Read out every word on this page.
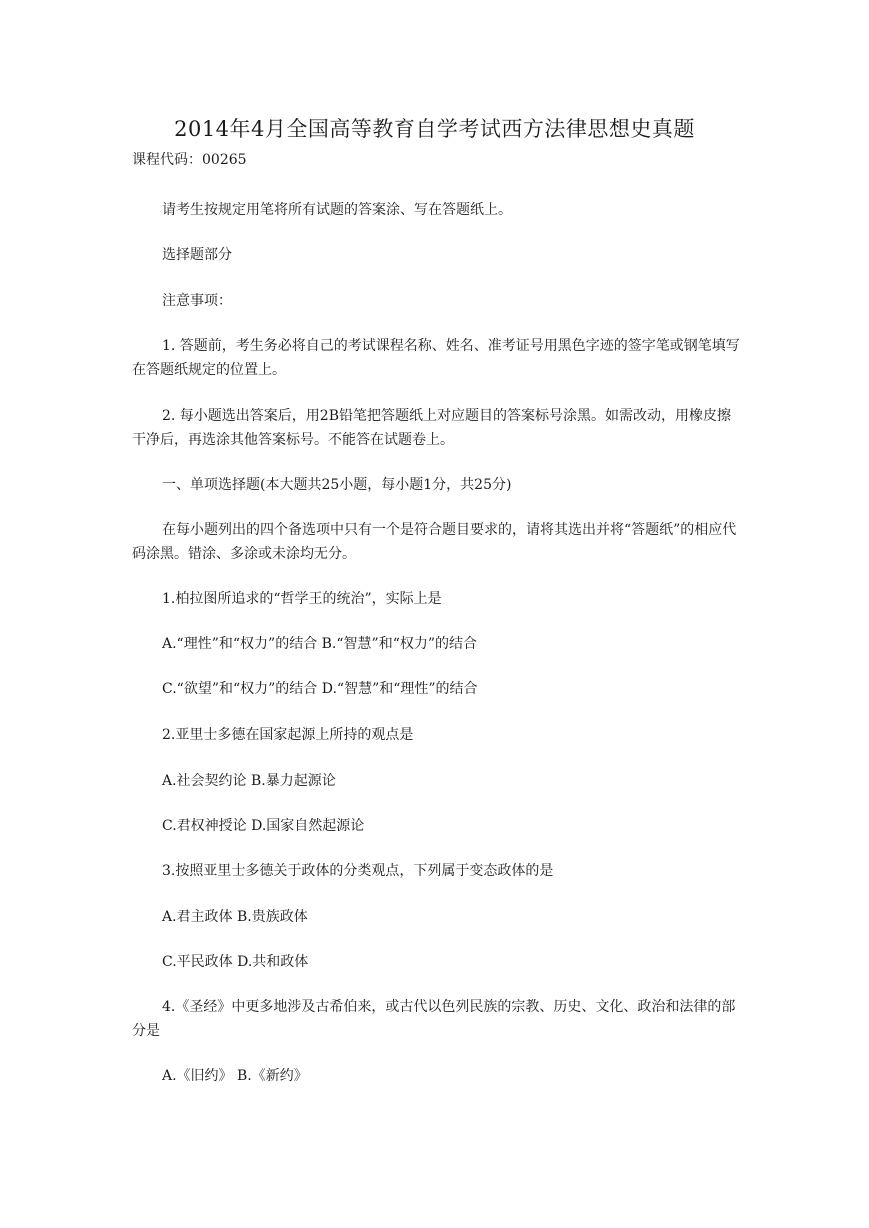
2014年4月全国高等教育自学考试西方法律思想史真题
课程代码：00265

请考生按规定用笔将所有试题的答案涂、写在答题纸上。

选择题部分

注意事项：

1. 答题前，考生务必将自己的考试课程名称、姓名、准考证号用黑色字迹的签字笔或钢笔填写在答题纸规定的位置上。

2. 每小题选出答案后，用2B铅笔把答题纸上对应题目的答案标号涂黑。如需改动，用橡皮擦干净后，再选涂其他答案标号。不能答在试题卷上。

一、单项选择题(本大题共25小题，每小题1分，共25分)

在每小题列出的四个备选项中只有一个是符合题目要求的，请将其选出并将“答题纸”的相应代码涂黑。错涂、多涂或未涂均无分。

1.柏拉图所追求的“哲学王的统治”，实际上是

A.“理性”和“权力”的结合 B.“智慧”和“权力”的结合

C.“欲望”和“权力”的结合 D.“智慧”和“理性”的结合

2.亚里士多德在国家起源上所持的观点是

A.社会契约论 B.暴力起源论

C.君权神授论 D.国家自然起源论

3.按照亚里士多德关于政体的分类观点，下列属于变态政体的是

A.君主政体 B.贵族政体

C.平民政体 D.共和政体

4.《圣经》中更多地涉及古希伯来，或古代以色列民族的宗教、历史、文化、政治和法律的部分是

A.《旧约》 B.《新约》
